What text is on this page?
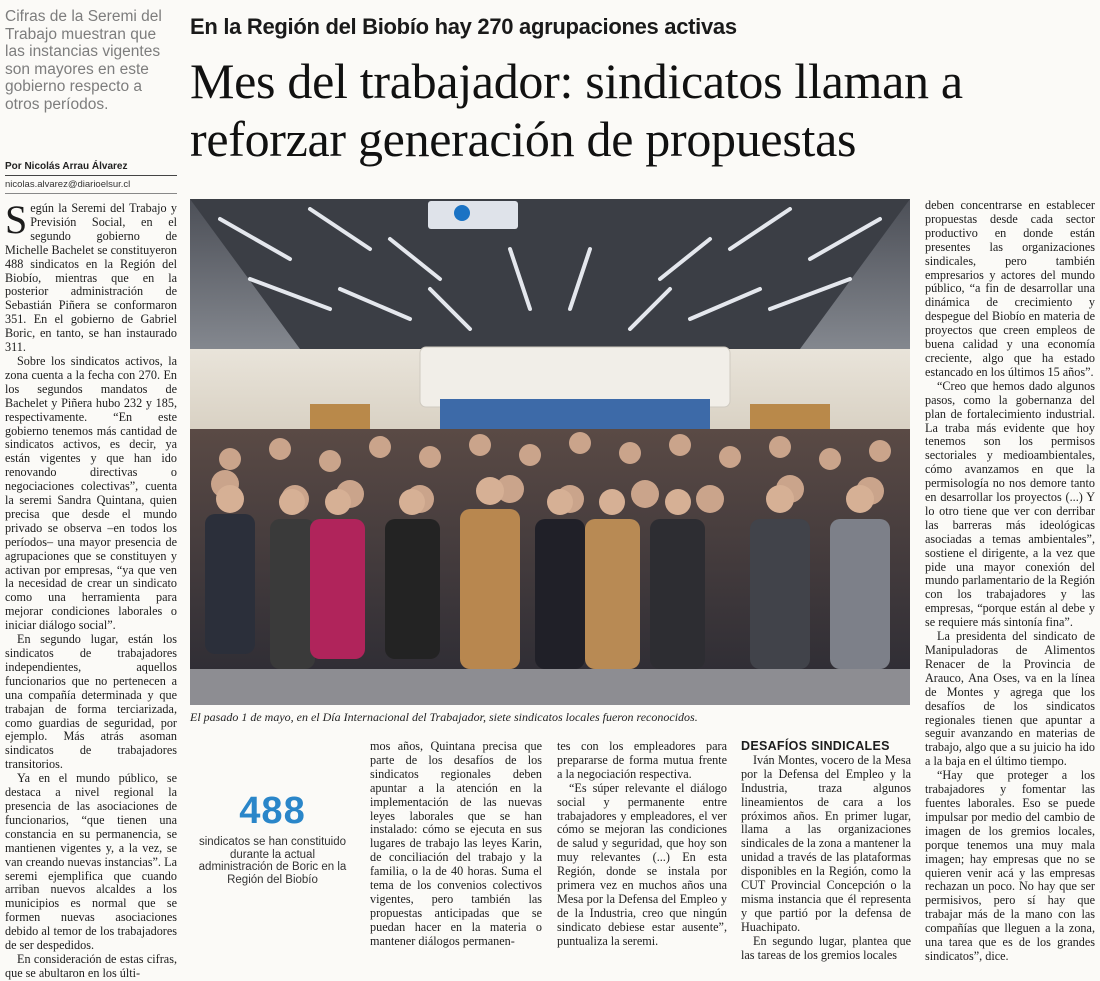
Cifras de la Seremi del Trabajo muestran que las instancias vigentes son mayores en este gobierno respecto a otros períodos.
Por Nicolás Arrau Álvarez
nicolas.alvarez@diarioelsur.cl
En la Región del Biobío hay 270 agrupaciones activas
Mes del trabajador: sindicatos llaman a reforzar generación de propuestas

Según la Seremi del Trabajo y Previsión Social, en el segundo gobierno de Michelle Bachelet se constituyeron 488 sindicatos en la Región del Biobío, mientras que en la posterior administración de Sebastián Piñera se conformaron 351. En el gobierno de Gabriel Boric, en tanto, se han instaurado 311.

Sobre los sindicatos activos, la zona cuenta a la fecha con 270. En los segundos mandatos de Bachelet y Piñera hubo 232 y 185, respectivamente. “En este gobierno tenemos más cantidad de sindicatos activos, es decir, ya están vigentes y que han ido renovando directivas o negociaciones colectivas”, cuenta la seremi Sandra Quintana, quien precisa que desde el mundo privado se observa –en todos los períodos– una mayor presencia de agrupaciones que se constituyen y activan por empresas, “ya que ven la necesidad de crear un sindicato como una herramienta para mejorar condiciones laborales o iniciar diálogo social”.

En segundo lugar, están los sindicatos de trabajadores independientes, aquellos funcionarios que no pertenecen a una compañía determinada y que trabajan de forma terciarizada, como guardias de seguridad, por ejemplo. Más atrás asoman sindicatos de trabajadores transitorios.

Ya en el mundo público, se destaca a nivel regional la presencia de las asociaciones de funcionarios, “que tienen una constancia en su permanencia, se mantienen vigentes y, a la vez, se van creando nuevas instancias”. La seremi ejemplifica que cuando arriban nuevos alcaldes a los municipios es normal que se formen nuevas asociaciones debido al temor de los trabajadores de ser despedidos.

En consideración de estas cifras, que se abultaron en los últi-

El pasado 1 de mayo, en el Día Internacional del Trabajador, siete sindicatos locales fueron reconocidos.

deben concentrarse en establecer propuestas desde cada sector productivo en donde están presentes las organizaciones sindicales, pero también empresarios y actores del mundo público, “a fin de desarrollar una dinámica de crecimiento y despegue del Biobío en materia de proyectos que creen empleos de buena calidad y una economía creciente, algo que ha estado estancado en los últimos 15 años”.

“Creo que hemos dado algunos pasos, como la gobernanza del plan de fortalecimiento industrial. La traba más evidente que hoy tenemos son los permisos sectoriales y medioambientales, cómo avanzamos en que la permisología no nos demore tanto en desarrollar los proyectos (...) Y lo otro tiene que ver con derribar las barreras más ideológicas asociadas a temas ambientales”, sostiene el dirigente, a la vez que pide una mayor conexión del mundo parlamentario de la Región con los trabajadores y las empresas, “porque están al debe y se requiere más sintonía fina”.

La presidenta del sindicato de Manipuladoras de Alimentos Renacer de la Provincia de Arauco, Ana Oses, va en la línea de Montes y agrega que los desafíos de los sindicatos regionales tienen que apuntar a seguir avanzando en materias de trabajo, algo que a su juicio ha ido a la baja en el último tiempo.

“Hay que proteger a los trabajadores y fomentar las fuentes laborales. Eso se puede impulsar por medio del cambio de imagen de los gremios locales, porque tenemos una muy mala imagen; hay empresas que no se quieren venir acá y las empresas rechazan un poco. No hay que ser permisivos, pero sí hay que trabajar más de la mano con las compañías que lleguen a la zona, una tarea que es de los grandes sindicatos”, dice.

488
sindicatos se han constituido durante la actual administración de Boric en la Región del Biobío

mos años, Quintana precisa que parte de los desafíos de los sindicatos regionales deben apuntar a la atención en la implementación de las nuevas leyes laborales que se han instalado: cómo se ejecuta en sus lugares de trabajo las leyes Karin, de conciliación del trabajo y la familia, o la de 40 horas. Suma el tema de los convenios colectivos vigentes, pero también las propuestas anticipadas que se puedan hacer en la materia o mantener diálogos permanen-

tes con los empleadores para prepararse de forma mutua frente a la negociación respectiva.

“Es súper relevante el diálogo social y permanente entre trabajadores y empleadores, el ver cómo se mejoran las condiciones de salud y seguridad, que hoy son muy relevantes (...) En esta Región, donde se instala por primera vez en muchos años una Mesa por la Defensa del Empleo y de la Industria, creo que ningún sindicato debiese estar ausente”, puntualiza la seremi.

DESAFÍOS SINDICALES

Iván Montes, vocero de la Mesa por la Defensa del Empleo y la Industria, traza algunos lineamientos de cara a los próximos años. En primer lugar, llama a las organizaciones sindicales de la zona a mantener la unidad a través de las plataformas disponibles en la Región, como la CUT Provincial Concepción o la misma instancia que él representa y que partió por la defensa de Huachipato.

En segundo lugar, plantea que las tareas de los gremios locales
